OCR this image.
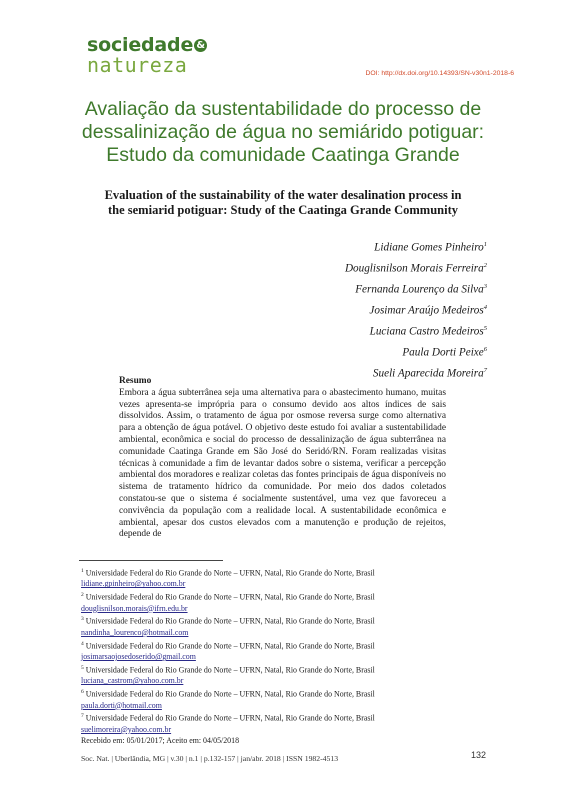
sociedade &
natureza	DOI: http://dx.doi.org/10.14393/SN-v30n1-2018-6
Avaliação da sustentabilidade do processo de
dessalinização de água no semiárido potiguar:
Estudo da comunidade Caatinga Grande
Evaluation of the sustainability of the water desalination process in
the semiarid potiguar: Study of the Caatinga Grande Community
Lidiane Gomes Pinheiro$^1$
Douglisnilson Morais Ferreira$^2$
Fernanda Lourenço da Silva$^3$
Josimar Araújo Medeiros$^4$
Luciana Castro Medeiros$^5$
Paula Dorti Peixe$^6$
Sueli Aparecida Moreira$^7$
Resumo
Embora a água subterrânea seja uma alternativa para o abastecimento humano, muitas vezes apresenta-se imprópria para o consumo devido aos altos índices de sais dissolvidos. Assim, o tratamento de água por osmose reversa surge como alternativa para a obtenção de água potável. O objetivo deste estudo foi avaliar a sustentabilidade ambiental, econômica e social do processo de dessalinização de água subterrânea na comunidade Caatinga Grande em São José do Seridó/RN. Foram realizadas visitas técnicas à comunidade a fim de levantar dados sobre o sistema, verificar a percepção ambiental dos moradores e realizar coletas das fontes principais de água disponíveis no sistema de tratamento hídrico da comunidade. Por meio dos dados coletados constatou-se que o sistema é socialmente sustentável, uma vez que favoreceu a convivência da população com a realidade local. A sustentabilidade econômica e ambiental, apesar dos custos elevados com a manutenção e produção de rejeitos, depende de
$^1$ Universidade Federal do Rio Grande do Norte – UFRN, Natal, Rio Grande do Norte, Brasil
lidiane.gpinheiro@yahoo.com.br
$^2$ Universidade Federal do Rio Grande do Norte – UFRN, Natal, Rio Grande do Norte, Brasil
douglisnilson.morais@ifrn.edu.br
$^3$ Universidade Federal do Rio Grande do Norte – UFRN, Natal, Rio Grande do Norte, Brasil
nandinha_lourenco@hotmail.com
$^4$ Universidade Federal do Rio Grande do Norte – UFRN, Natal, Rio Grande do Norte, Brasil
josimarsaojosedoserido@gmail.com
$^5$ Universidade Federal do Rio Grande do Norte – UFRN, Natal, Rio Grande do Norte, Brasil
luciana_castrom@yahoo.com.br
$^6$ Universidade Federal do Rio Grande do Norte – UFRN, Natal, Rio Grande do Norte, Brasil
paula.dorti@hotmail.com
$^7$ Universidade Federal do Rio Grande do Norte – UFRN, Natal, Rio Grande do Norte, Brasil
suelimoreira@yahoo.com.br
Recebido em: 05/01/2017; Aceito em: 04/05/2018
Soc. Nat. | Uberlândia, MG | v.30 | n.1 | p.132-157 | jan/abr. 2018 | ISSN 1982-4513	132
